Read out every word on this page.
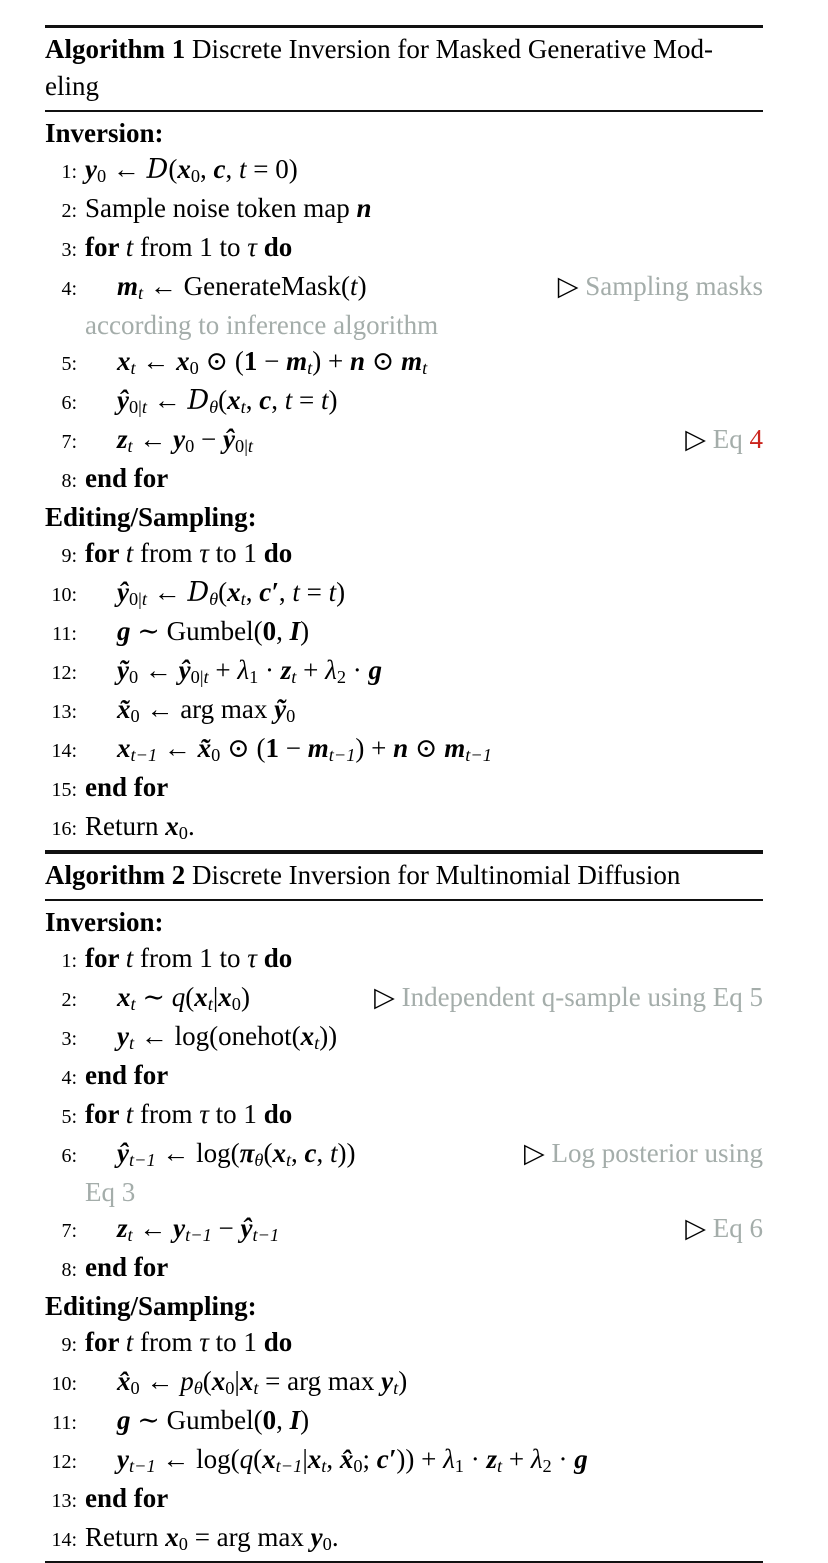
Algorithm 1 Discrete Inversion for Masked Generative Mod-
eling
Inversion:
1: $y_0$ ← $D(x_0$, c, t = 0)
2: Sample noise token map n
3: for t from 1 to τ do
4: $m_t$ ← GenerateMask(t)	▷ Sampling masks
according to inference algorithm
5: $x_t$ ← $x_0$ ⊙ $(1 - m_t) + n$ ⊙ $m_t$
6: $ŷ_{0|t}$ ← $D_\theta(x_t$, c, t = t)
7: $z_t$ ← $y_0$ − $ŷ_{0|t}$	▷ Eq 4
8: end for
Editing/Sampling:
9: for t from τ to 1 do
10: $ŷ_{0|t}$ ← $D_\theta(x_t$, c′, t = t)
11: g ∼ Gumbel(0, I)
12: ỹ$_0$ ← $ŷ_{0|t} + \lambda_1 \cdot z_t + \lambda_2 \cdot g$
13: $x̃_0$ ← arg max ỹ$_0$
14: $x_{t-1}$ ← $x̃_0$ ⊙ $(1 - m_{t-1}) + n$ ⊙ $m_{t-1}$
15: end for
16: Return $x_0$.
Algorithm 2 Discrete Inversion for Multinomial Diffusion
Inversion:
1: for t from 1 to τ do
2: $x_t$ ∼ $q(x_t|x_0)$	▷ Independent q-sample using Eq 5
3: $y_t$ ← $\log(onehot(x_t))$
4: end for
5: for t from τ to 1 do
6: $ŷ_{t-1}$ ← $\log(\pi_\theta(x_t$, c, t))	▷ Log posterior using
Eq 3
7: $z_t$ ← $y_{t-1}$ − $ŷ_{t-1}$	▷ Eq 6
8: end for
Editing/Sampling:
9: for t from τ to 1 do
10: $x̂_0$ ← $p_\theta(x_0|x_t$ = arg $\max y_t$)
11: g ∼ Gumbel(0, I)
12: $y_{t-1}$ ← $\log(q(x_{t-1}|x_t$, $x̂_0$; $c')) + \lambda_1 \cdot z_t + \lambda_2 \cdot g$
13: end for
14: Return $x_0$ = arg $\max y_0$.
